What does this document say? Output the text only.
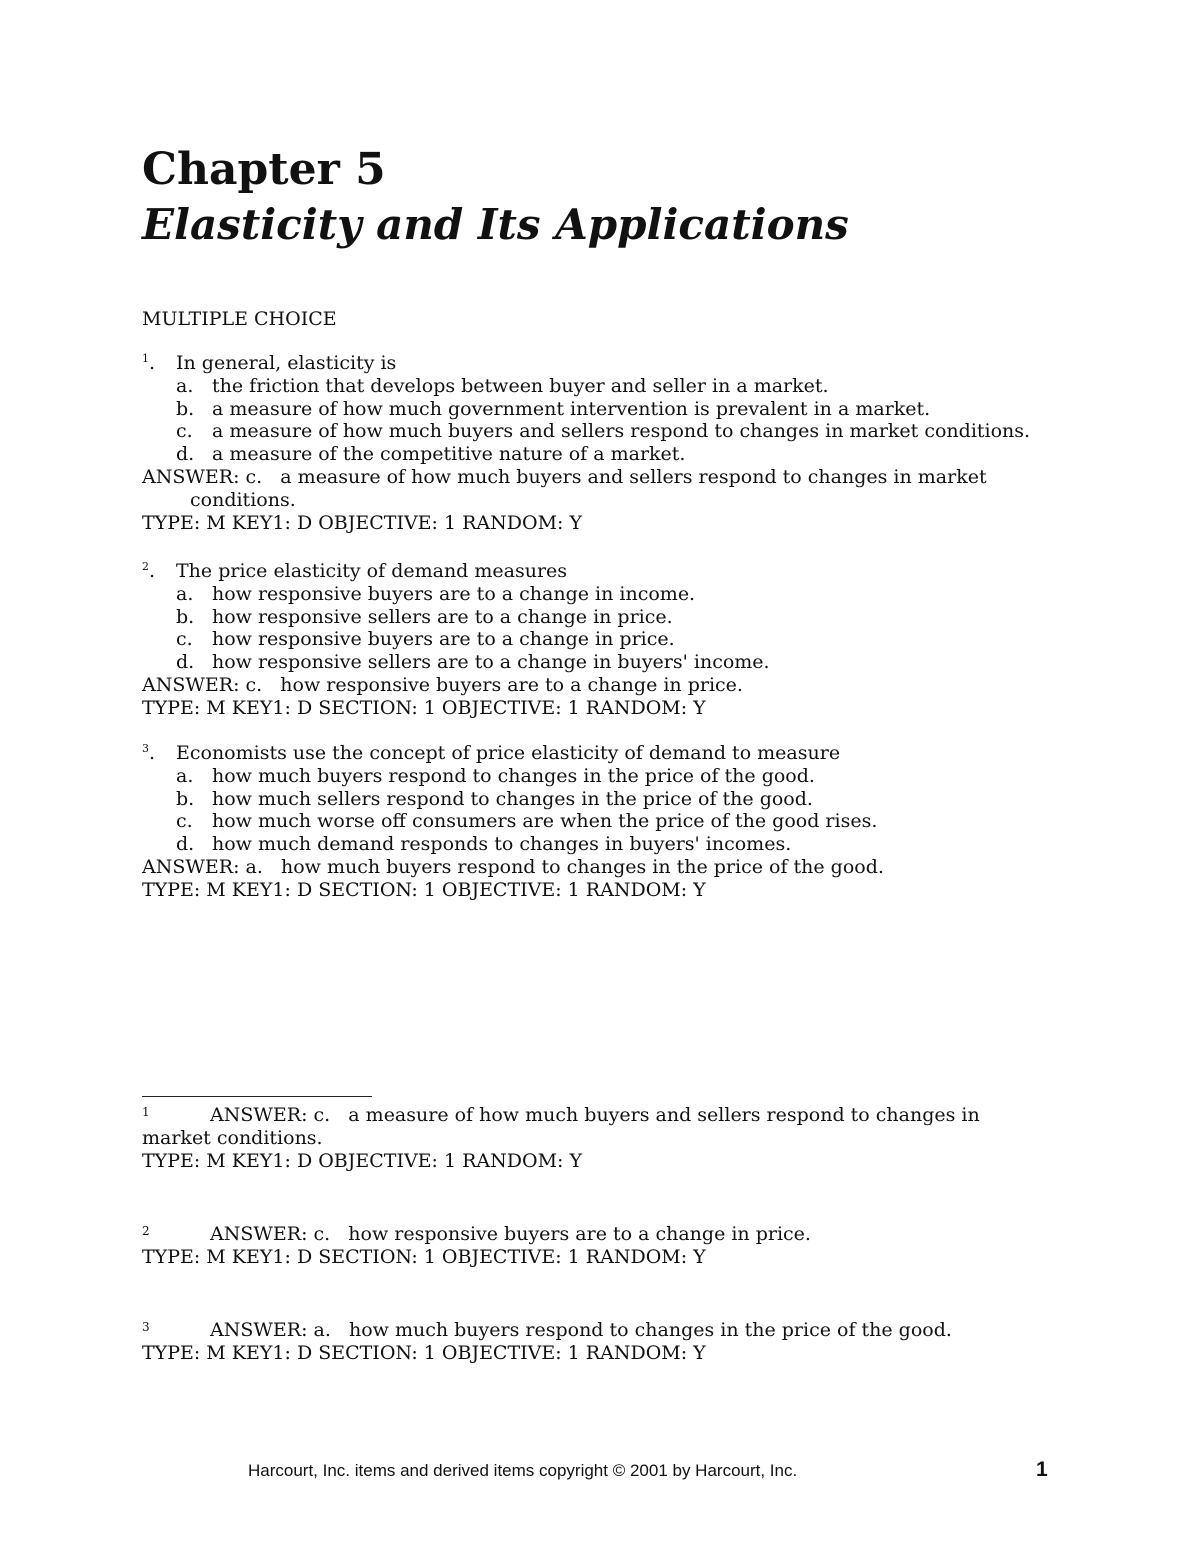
Chapter 5
Elasticity and Its Applications
MULTIPLE CHOICE
$^1$. In general, elasticity is
a. the friction that develops between buyer and seller in a market.
b. a measure of how much government intervention is prevalent in a market.
c. a measure of how much buyers and sellers respond to changes in market conditions.
d. a measure of the competitive nature of a market.
ANSWER: c.   a measure of how much buyers and sellers respond to changes in market
conditions.
TYPE: M KEY1: D OBJECTIVE: 1 RANDOM: Y
$^2$. The price elasticity of demand measures
a. how responsive buyers are to a change in income.
b. how responsive sellers are to a change in price.
c. how responsive buyers are to a change in price.
d. how responsive sellers are to a change in buyers' income.
ANSWER: c.   how responsive buyers are to a change in price.
TYPE: M KEY1: D SECTION: 1 OBJECTIVE: 1 RANDOM: Y
$^3$. Economists use the concept of price elasticity of demand to measure
a. how much buyers respond to changes in the price of the good.
b. how much sellers respond to changes in the price of the good.
c. how much worse off consumers are when the price of the good rises.
d. how much demand responds to changes in buyers' incomes.
ANSWER: a.   how much buyers respond to changes in the price of the good.
TYPE: M KEY1: D SECTION: 1 OBJECTIVE: 1 RANDOM: Y
1	ANSWER: c.   a measure of how much buyers and sellers respond to changes in
market conditions.
TYPE: M KEY1: D OBJECTIVE: 1 RANDOM: Y
2	ANSWER: c.   how responsive buyers are to a change in price.
TYPE: M KEY1: D SECTION: 1 OBJECTIVE: 1 RANDOM: Y
3	ANSWER: a.   how much buyers respond to changes in the price of the good.
TYPE: M KEY1: D SECTION: 1 OBJECTIVE: 1 RANDOM: Y
Harcourt, Inc. items and derived items copyright © 2001 by Harcourt, Inc.	1
